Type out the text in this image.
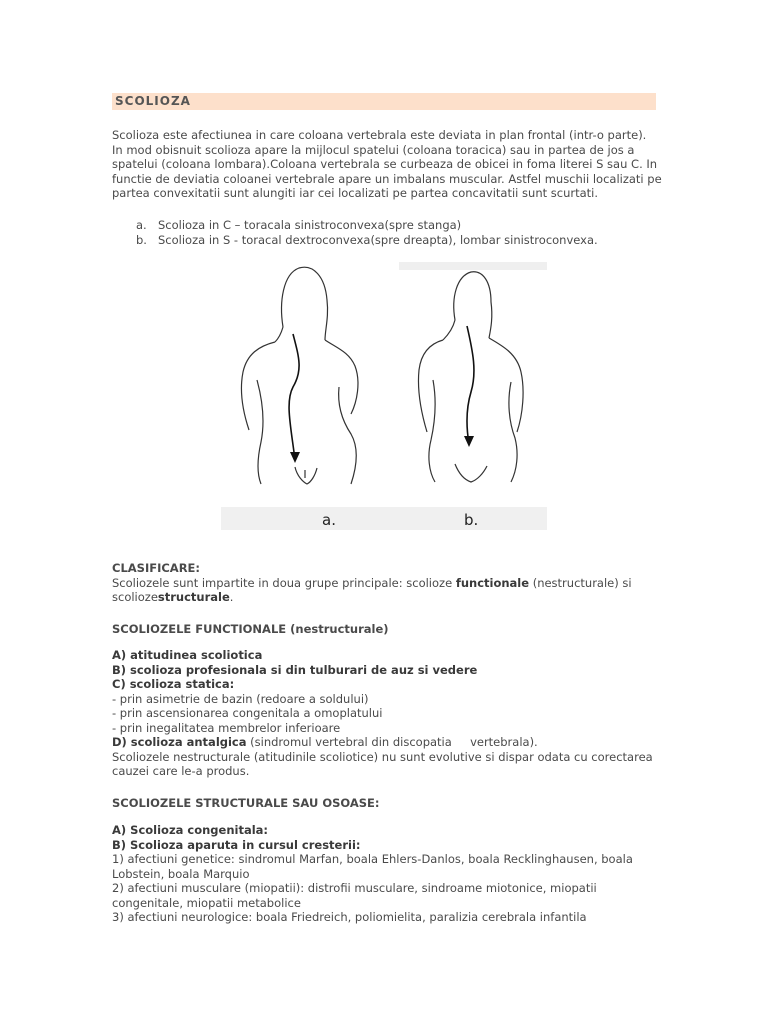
SCOLIOZA
Scolioza este afectiunea in care coloana vertebrala este deviata in plan frontal (intr-o parte).
In mod obisnuit scolioza apare la mijlocul spatelui (coloana toracica) sau in partea de jos a
spatelui (coloana lombara).Coloana vertebrala se curbeaza de obicei in foma literei S sau C. In
functie de deviatia coloanei vertebrale apare un imbalans muscular. Astfel muschii localizati pe
partea convexitatii sunt alungiti iar cei localizati pe partea concavitatii sunt scurtati.
a. Scolioza in C – toracala sinistroconvexa(spre stanga)
b. Scolioza in S - toracal dextroconvexa(spre dreapta), lombar sinistroconvexa.
a.	b.
CLASIFICARE:
Scoliozele sunt impartite in doua grupe principale: scolioze functionale (nestructurale) si
scoliozеstructurale.
SCOLIOZELE FUNCTIONALE (nestructurale)
A) atitudinea scoliotica
B) scolioza profesionala si din tulburari de auz si vedere
C) scolioza statica:
- prin asimetrie de bazin (redoare a soldului)
- prin ascensionarea congenitala a omoplatului
- prin inegalitatea membrelor inferioare
D) scolioza antalgica (sindromul vertebral din discopatia     vertebrala).
Scoliozele nestructurale (atitudinile scoliotice) nu sunt evolutive si dispar odata cu corectarea
cauzei care le-a produs.
SCOLIOZELE STRUCTURALE SAU OSOASE:
A) Scolioza congenitala:
B) Scolioza aparuta in cursul cresterii:
1) afectiuni genetice: sindromul Marfan, boala Ehlers-Danlos, boala Recklinghausen, boala
Lobstein, boala Marquio
2) afectiuni musculare (miopatii): distrofii musculare, sindroame miotonice, miopatii
congenitale, miopatii metabolice
3) afectiuni neurologice: boala Friedreich, poliomielita, paralizia cerebrala infantila
